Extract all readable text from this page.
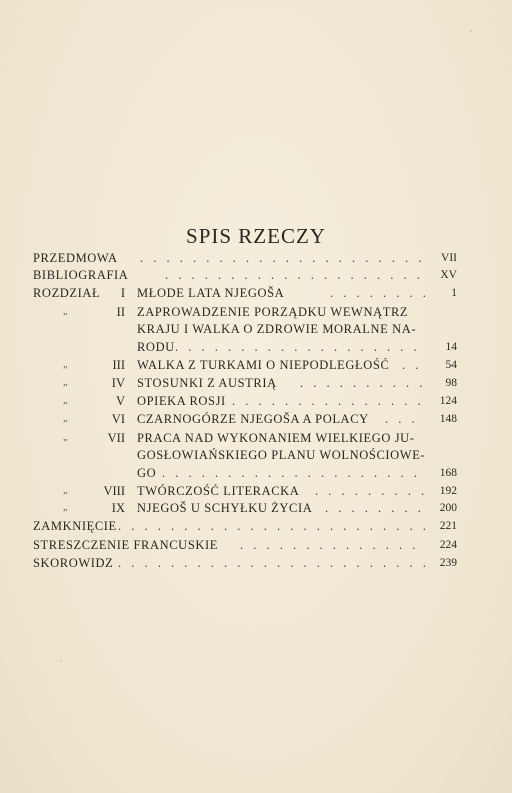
SPIS RZECZY
PRZEDMOWA . . .	VII
BIBLIOGRAFIA . . .	XV
ROZDZIAŁ	I MŁODE LATA NJEGOŠA . . .	1
„	II ZAPROWADZENIE PORZĄDKU WEWNĄTRZ
KRAJU I WALKA O ZDROWIE MORALNE NA-
RODU . . .	14
„	III WALKA Z TURKAMI O NIEPODLEGŁOŚĆ . . .	54
„	IV STOSUNKI Z AUSTRIĄ . . .	98
„	V OPIEKA ROSJI . . .	124
„	VI CZARNOGÓRZE NJEGOŠA A POLACY . . .	148
„	VII PRACA NAD WYKONANIEM WIELKIEGO JU-
GOSŁOWIAŃSKIEGO PLANU WOLNOŚCIOWE-
GO . . .	168
„	VIII TWÓRCZOŚĆ LITERACKA . . .	192
„	IX NJEGOŠ U SCHYŁKU ŻYCIA . . .	200
ZAMKNIĘCIE . . .	221
STRESZCZENIE FRANCUSKIE . . .	224
SKOROWIDZ . . .	239
